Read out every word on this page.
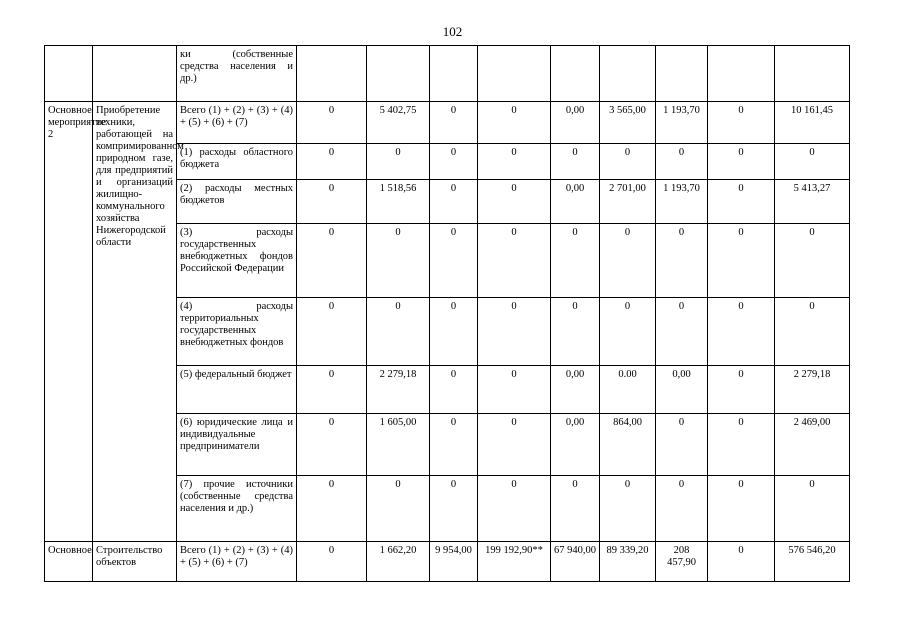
102
		ки (собственные средства населения и др.)									
Основное мероприятие 2	Приобретение техники, работающей на компримированном природном газе, для предприятий и организаций жилищно-коммунального хозяйства Нижегородской области	Всего (1) + (2) + (3) + (4) + (5) + (6) + (7)	0	5 402,75	0	0	0,00	3 565,00	1 193,70	0	10 161,45
		(1) расходы областного бюджета	0	0	0	0	0	0	0	0	0
		(2) расходы местных бюджетов	0	1 518,56	0	0	0,00	2 701,00	1 193,70	0	5 413,27
		(3) расходы государственных внебюджетных фондов Российской Федерации	0	0	0	0	0	0	0	0	0
		(4) расходы территориальных государственных внебюджетных фондов	0	0	0	0	0	0	0	0	0
		(5) федеральный бюджет	0	2 279,18	0	0	0,00	0.00	0,00	0	2 279,18
		(6) юридические лица и индивидуальные предприниматели	0	1 605,00	0	0	0,00	864,00	0	0	2 469,00
		(7) прочие источники (собственные средства населения и др.)	0	0	0	0	0	0	0	0	0
Основное	Строительство объектов	Всего (1) + (2) + (3) + (4) + (5) + (6) + (7)	0	1 662,20	9 954,00	199 192,90**	67 940,00	89 339,20	208 457,90	0	576 546,20
